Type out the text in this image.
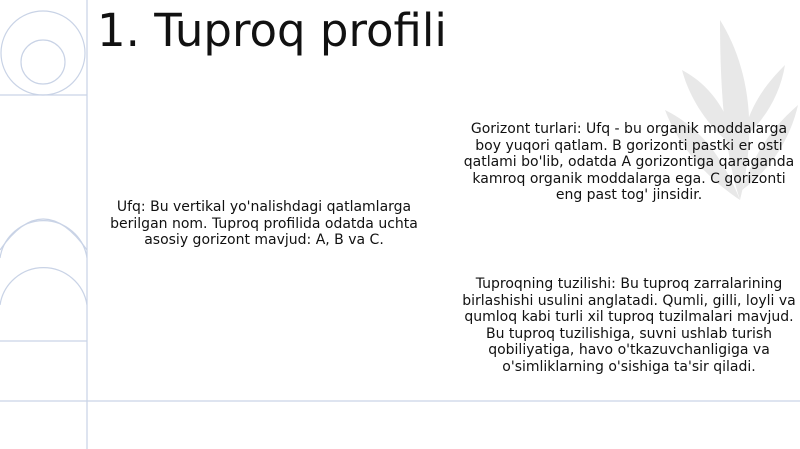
1. Tuproq profili

Ufq: Bu vertikal yo'nalishdagi qatlamlarga berilgan nom. Tuproq profilida odatda uchta asosiy gorizont mavjud: A, B va C.

Gorizont turlari: Ufq - bu organik moddalarga boy yuqori qatlam. B gorizonti pastki er osti qatlami bo'lib, odatda A gorizontiga qaraganda kamroq organik moddalarga ega. C gorizonti eng past tog' jinsidir.

Tuproqning tuzilishi: Bu tuproq zarralarining birlashishi usulini anglatadi. Qumli, gilli, loyli va qumloq kabi turli xil tuproq tuzilmalari mavjud. Bu tuproq tuzilishiga, suvni ushlab turish qobiliyatiga, havo o'tkazuvchanligiga va o'simliklarning o'sishiga ta'sir qiladi.
